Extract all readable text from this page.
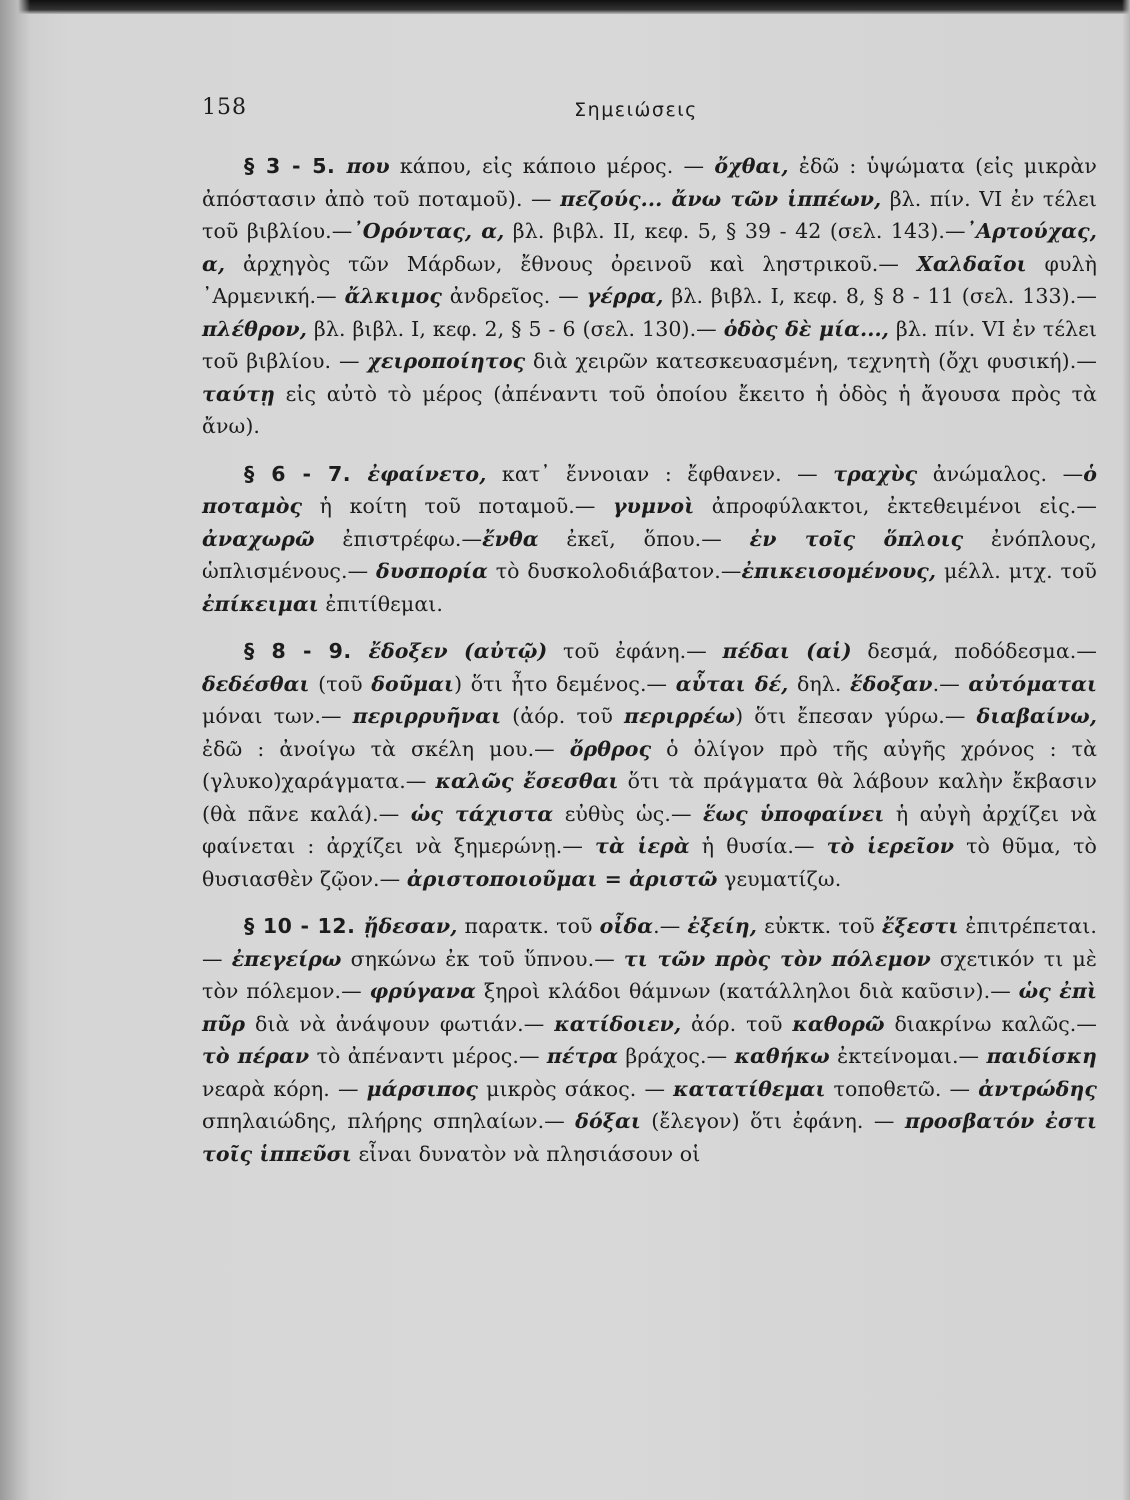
158	Σημειώσεις

§ 3 - 5. που κάπου, εἰς κάποιο μέρος. — ὄχθαι, ἐδῶ : ὑψώματα (εἰς μικρὰν ἀπόστασιν ἀπὸ τοῦ ποταμοῦ). — πεζούς... ἄνω τῶν ἱππέων, βλ. πίν. VI ἐν τέλει τοῦ βιβλίου.—᾿Ορόντας, α, βλ. βιβλ. II, κεφ. 5, § 39 - 42 (σελ. 143).—᾿Αρτούχας, α, ἀρχηγὸς τῶν Μάρδων, ἔθνους ὀρεινοῦ καὶ ληστρικοῦ.— Χαλδαῖοι φυλὴ ᾿Αρμενική.— ἄλκιμος ἀνδρεῖος. — γέρρα, βλ. βιβλ. I, κεφ. 8, § 8 - 11 (σελ. 133).— πλέθρον, βλ. βιβλ. I, κεφ. 2, § 5 - 6 (σελ. 130).— ὁδὸς δὲ μία..., βλ. πίν. VI ἐν τέλει τοῦ βιβλίου. — χειροποίητος διὰ χειρῶν κατεσκευασμένη, τεχνητὴ (ὄχι φυσική).—ταύτῃ εἰς αὐτὸ τὸ μέρος (ἀπέναντι τοῦ ὁποίου ἔκειτο ἡ ὁδὸς ἡ ἄγουσα πρὸς τὰ ἄνω).

§ 6 - 7. ἐφαίνετο, κατ᾿ ἔννοιαν : ἔφθανεν. — τραχὺς ἀνώμαλος. —ὁ ποταμὸς ἡ κοίτη τοῦ ποταμοῦ.— γυμνοὶ ἀπροφύλακτοι, ἐκτεθειμένοι εἰς.—ἀναχωρῶ ἐπιστρέφω.—ἔνθα ἐκεῖ, ὅπου.— ἐν τοῖς ὅπλοις ἐνόπλους, ὡπλισμένους.— δυσπορία τὸ δυσκολοδιάβατον.—ἐπικεισομένους, μέλλ. μτχ. τοῦ ἐπίκειμαι ἐπιτίθεμαι.

§ 8 - 9. ἔδοξεν (αὐτῷ) τοῦ ἐφάνη.— πέδαι (αἱ) δεσμά, ποδόδεσμα.— δεδέσθαι (τοῦ δοῦμαι) ὅτι ἦτο δεμένος.— αὗται δέ, δηλ. ἔδοξαν.— αὐτόμαται μόναι των.— περιρρυῆναι (ἀόρ. τοῦ περιρρέω) ὅτι ἔπεσαν γύρω.— διαβαίνω, ἐδῶ : ἀνοίγω τὰ σκέλη μου.— ὄρθρος ὁ ὀλίγον πρὸ τῆς αὐγῆς χρόνος : τὰ (γλυκο)χαράγματα.— καλῶς ἔσεσθαι ὅτι τὰ πράγματα θὰ λάβουν καλὴν ἔκβασιν (θὰ πᾶνε καλά).— ὡς τάχιστα εὐθὺς ὡς.— ἕως ὑποφαίνει ἡ αὐγὴ ἀρχίζει νὰ φαίνεται : ἀρχίζει νὰ ξημερώνῃ.— τὰ ἱερὰ ἡ θυσία.— τὸ ἱερεῖον τὸ θῦμα, τὸ θυσιασθὲν ζῷον.— ἀριστοποιοῦμαι = ἀριστῶ γευματίζω.

§ 10 - 12. ᾔδεσαν, παρατκ. τοῦ οἶδα.— ἐξείη, εὐκτκ. τοῦ ἔξεστι ἐπιτρέπεται.— ἐπεγείρω σηκώνω ἐκ τοῦ ὕπνου.— τι τῶν πρὸς τὸν πόλεμον σχετικόν τι μὲ τὸν πόλεμον.— φρύγανα ξηροὶ κλάδοι θάμνων (κατάλληλοι διὰ καῦσιν).— ὡς ἐπὶ πῦρ διὰ νὰ ἀνάψουν φωτιάν.— κατίδοιεν, ἀόρ. τοῦ καθορῶ διακρίνω καλῶς.— τὸ πέραν τὸ ἀπέναντι μέρος.— πέτρα βράχος.— καθήκω ἐκτείνομαι.— παιδίσκη νεαρὰ κόρη. — μάρσιπος μικρὸς σάκος. — κατατίθεμαι τοποθετῶ. — ἀντρώδης σπηλαιώδης, πλήρης σπηλαίων.— δόξαι (ἔλεγον) ὅτι ἐφάνη. — προσβατόν ἐστι τοῖς ἱππεῦσι εἶναι δυνατὸν νὰ πλησιάσουν οἱ
